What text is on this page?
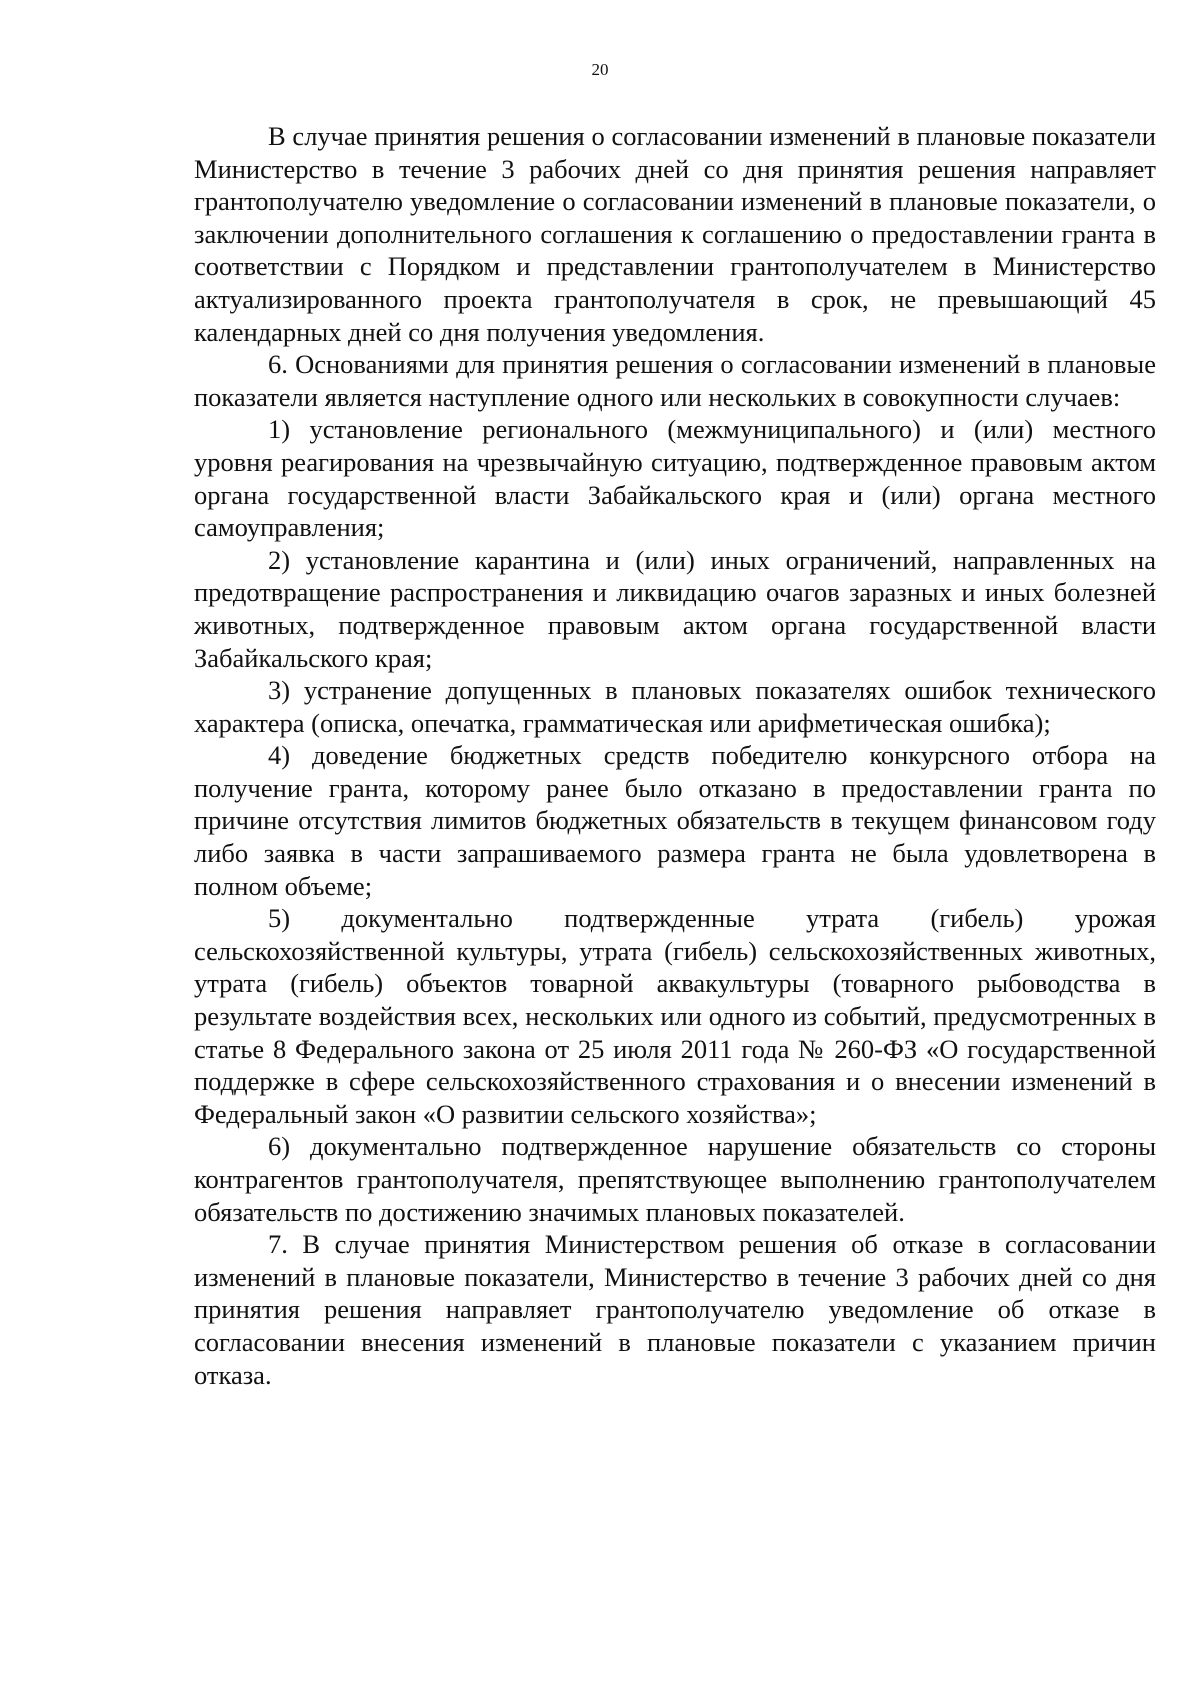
20

В случае принятия решения о согласовании изменений в плановые показатели Министерство в течение 3 рабочих дней со дня принятия решения направляет грантополучателю уведомление о согласовании изменений в плановые показатели, о заключении дополнительного соглашения к соглашению о предоставлении гранта в соответствии с Порядком и представлении грантополучателем в Министерство актуализированного проекта грантополучателя в срок, не превышающий 45 календарных дней со дня получения уведомления.

6. Основаниями для принятия решения о согласовании изменений в плановые показатели является наступление одного или нескольких в совокупности случаев:

1) установление регионального (межмуниципального) и (или) местного уровня реагирования на чрезвычайную ситуацию, подтвержденное правовым актом органа государственной власти Забайкальского края и (или) органа местного самоуправления;

2) установление карантина и (или) иных ограничений, направленных на предотвращение распространения и ликвидацию очагов заразных и иных болезней животных, подтвержденное правовым актом органа государственной власти Забайкальского края;

3) устранение допущенных в плановых показателях ошибок технического характера (описка, опечатка, грамматическая или арифметическая ошибка);

4) доведение бюджетных средств победителю конкурсного отбора на получение гранта, которому ранее было отказано в предоставлении гранта по причине отсутствия лимитов бюджетных обязательств в текущем финансовом году либо заявка в части запрашиваемого размера гранта не была удовлетворена в полном объеме;

5) документально подтвержденные утрата (гибель) урожая сельскохозяйственной культуры, утрата (гибель) сельскохозяйственных животных, утрата (гибель) объектов товарной аквакультуры (товарного рыбоводства в результате воздействия всех, нескольких или одного из событий, предусмотренных в статье 8 Федерального закона от 25 июля 2011 года № 260-ФЗ «О государственной поддержке в сфере сельскохозяйственного страхования и о внесении изменений в Федеральный закон «О развитии сельского хозяйства»;

6) документально подтвержденное нарушение обязательств со стороны контрагентов грантополучателя, препятствующее выполнению грантополучателем обязательств по достижению значимых плановых показателей.

7. В случае принятия Министерством решения об отказе в согласовании изменений в плановые показатели, Министерство в течение 3 рабочих дней со дня принятия решения направляет грантополучателю уведомление об отказе в согласовании внесения изменений в плановые показатели с указанием причин отказа.
